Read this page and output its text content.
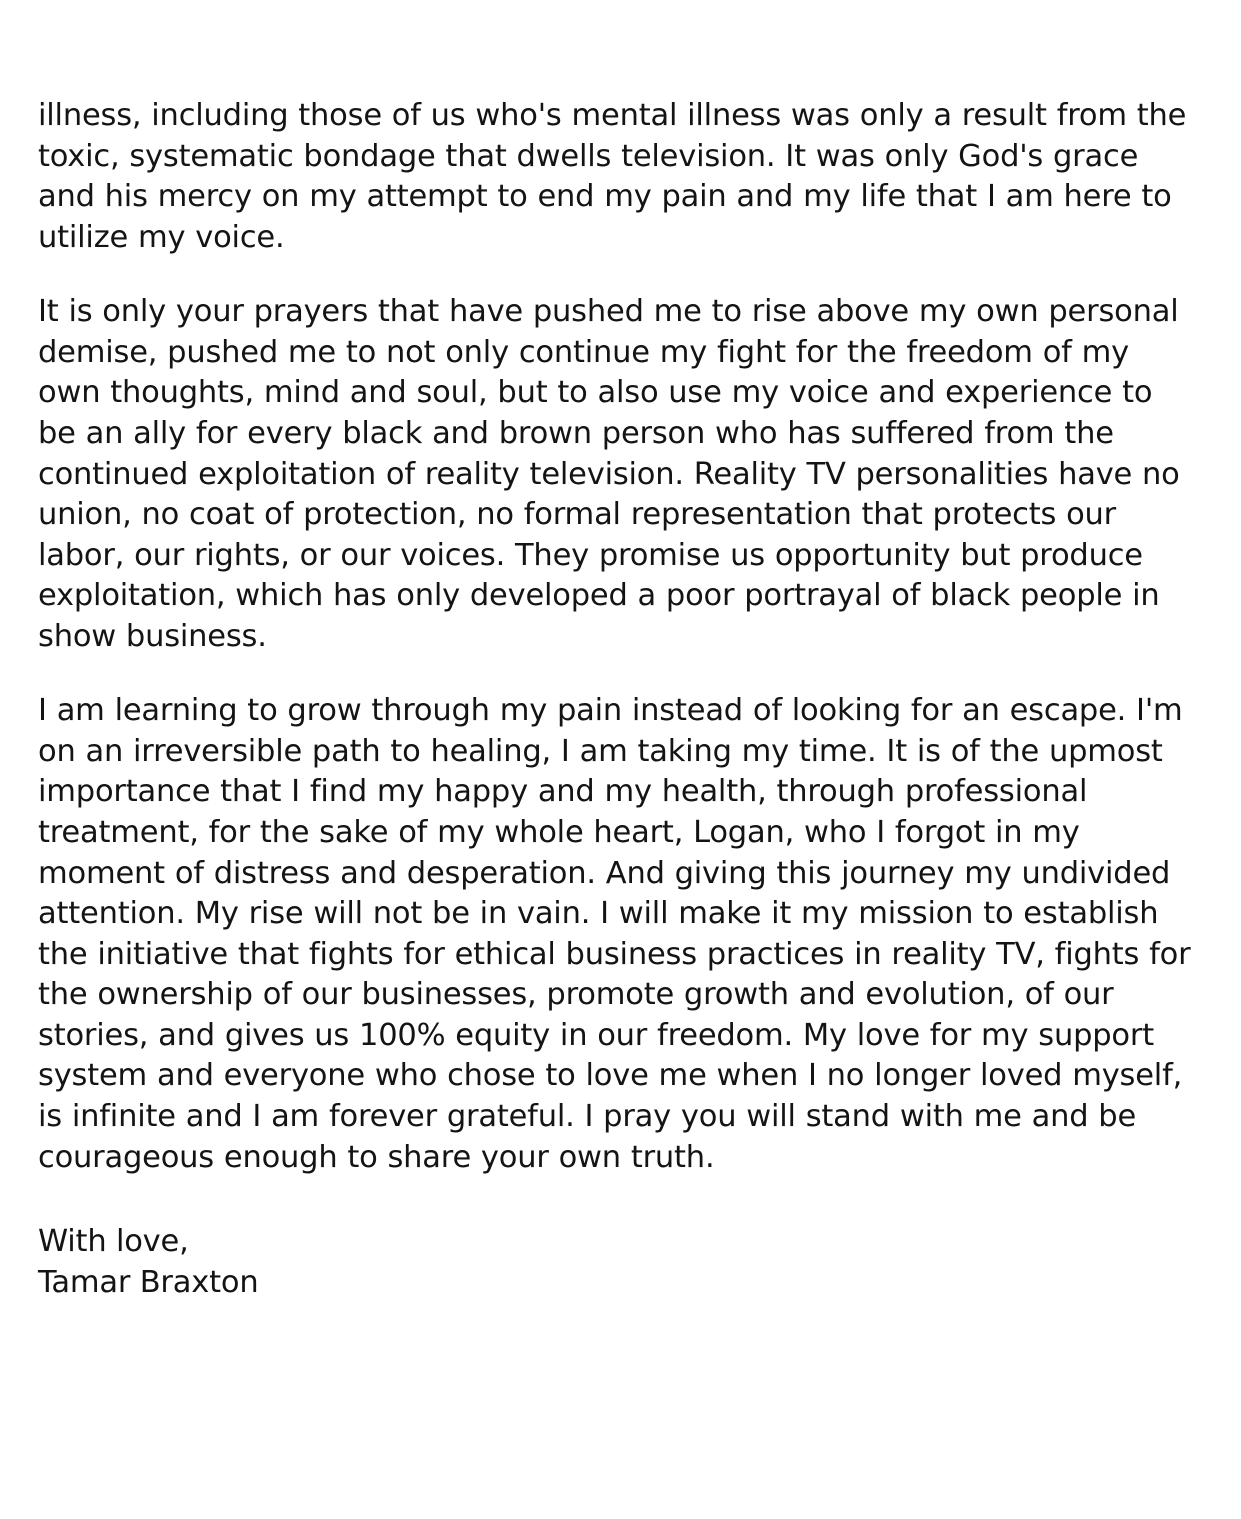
illness, including those of us who's mental illness was only a result from the toxic, systematic bondage that dwells television. It was only God's grace and his mercy on my attempt to end my pain and my life that I am here to utilize my voice.

It is only your prayers that have pushed me to rise above my own personal demise, pushed me to not only continue my fight for the freedom of my own thoughts, mind and soul, but to also use my voice and experience to be an ally for every black and brown person who has suffered from the continued exploitation of reality television. Reality TV personalities have no union, no coat of protection, no formal representation that protects our labor, our rights, or our voices. They promise us opportunity but produce exploitation, which has only developed a poor portrayal of black people in show business.

I am learning to grow through my pain instead of looking for an escape. I'm on an irreversible path to healing, I am taking my time. It is of the upmost importance that I find my happy and my health, through professional treatment, for the sake of my whole heart, Logan, who I forgot in my moment of distress and desperation. And giving this journey my undivided attention. My rise will not be in vain. I will make it my mission to establish the initiative that fights for ethical business practices in reality TV, fights for the ownership of our businesses, promote growth and evolution, of our stories, and gives us 100% equity in our freedom. My love for my support system and everyone who chose to love me when I no longer loved myself, is infinite and I am forever grateful. I pray you will stand with me and be courageous enough to share your own truth.

With love,
Tamar Braxton
